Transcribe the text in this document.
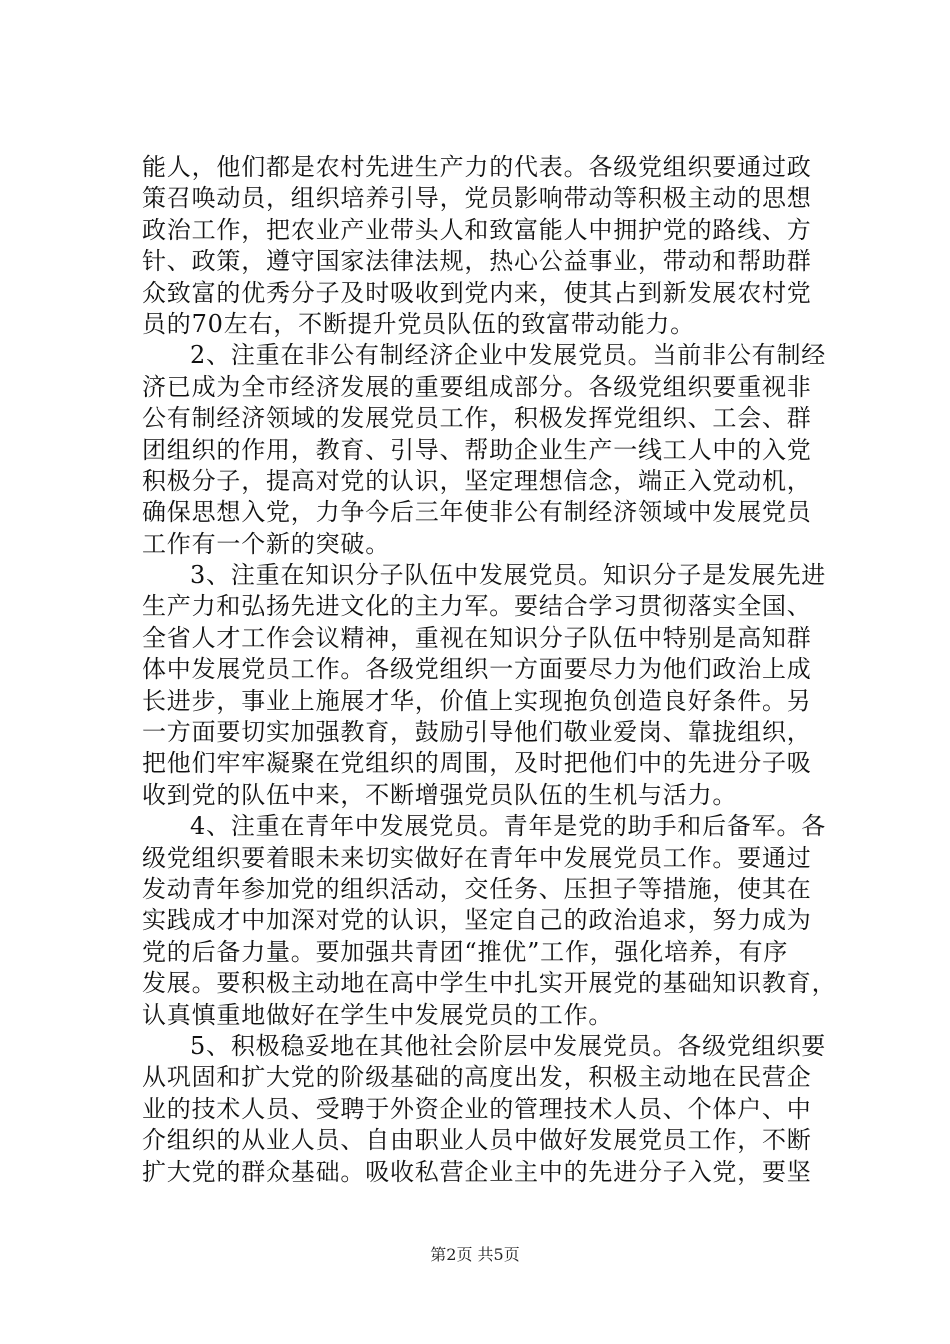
能人，他们都是农村先进生产力的代表。各级党组织要通过政
策召唤动员，组织培养引导，党员影响带动等积极主动的思想
政治工作，把农业产业带头人和致富能人中拥护党的路线、方
针、政策，遵守国家法律法规，热心公益事业，带动和帮助群
众致富的优秀分子及时吸收到党内来，使其占到新发展农村党
员的70左右，不断提升党员队伍的致富带动能力。
2、注重在非公有制经济企业中发展党员。当前非公有制经
济已成为全市经济发展的重要组成部分。各级党组织要重视非
公有制经济领域的发展党员工作，积极发挥党组织、工会、群
团组织的作用，教育、引导、帮助企业生产一线工人中的入党
积极分子，提高对党的认识，坚定理想信念，端正入党动机，
确保思想入党，力争今后三年使非公有制经济领域中发展党员
工作有一个新的突破。
3、注重在知识分子队伍中发展党员。知识分子是发展先进
生产力和弘扬先进文化的主力军。要结合学习贯彻落实全国、
全省人才工作会议精神，重视在知识分子队伍中特别是高知群
体中发展党员工作。各级党组织一方面要尽力为他们政治上成
长进步，事业上施展才华，价值上实现抱负创造良好条件。另
一方面要切实加强教育，鼓励引导他们敬业爱岗、靠拢组织，
把他们牢牢凝聚在党组织的周围，及时把他们中的先进分子吸
收到党的队伍中来，不断增强党员队伍的生机与活力。
4、注重在青年中发展党员。青年是党的助手和后备军。各
级党组织要着眼未来切实做好在青年中发展党员工作。要通过
发动青年参加党的组织活动，交任务、压担子等措施，使其在
实践成才中加深对党的认识，坚定自己的政治追求，努力成为
党的后备力量。要加强共青团“推优”工作，强化培养，有序
发展。要积极主动地在高中学生中扎实开展党的基础知识教育，
认真慎重地做好在学生中发展党员的工作。
5、积极稳妥地在其他社会阶层中发展党员。各级党组织要
从巩固和扩大党的阶级基础的高度出发，积极主动地在民营企
业的技术人员、受聘于外资企业的管理技术人员、个体户、中
介组织的从业人员、自由职业人员中做好发展党员工作，不断
扩大党的群众基础。吸收私营企业主中的先进分子入党，要坚
第2页 共5页
